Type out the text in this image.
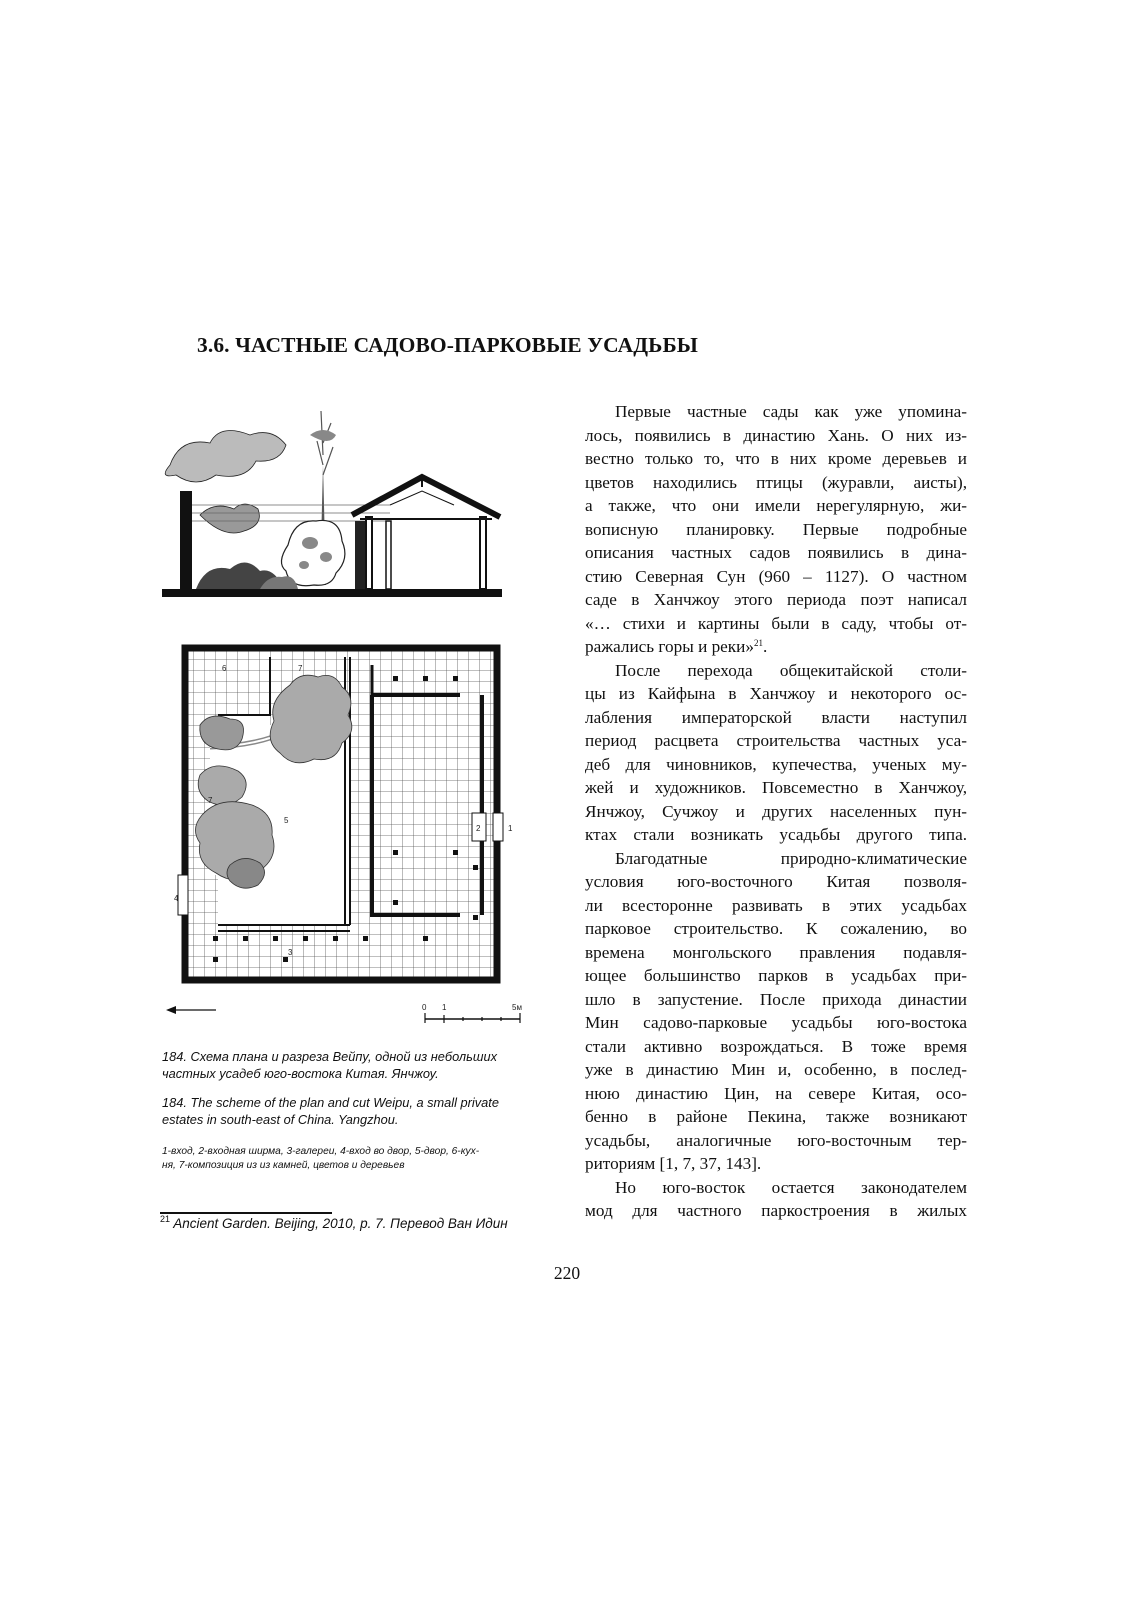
3.6. ЧАСТНЫЕ САДОВО-ПАРКОВЫЕ УСАДЬБЫ
6	7
5
7
4
3
2	1
0 1	5м
184. Схема плана и разреза Вейпу, одной из небольших
частных усадеб юго-востока Китая. Янчжоу.
184. The scheme of the plan and cut Weipu, a small private
estates in south-east of China. Yangzhou.
1-вход, 2-входная ширма, 3-галереи, 4-вход во двор, 5-двор, 6-кух-
ня, 7-композиция из из камней, цветов и деревьев

Первые частные сады как уже упомина-
лось, появились в династию Хань. О них из-
вестно только то, что в них кроме деревьев и
цветов находились птицы (журавли, аисты),
а также, что они имели нерегулярную, жи-
вописную планировку. Первые подробные
описания частных садов появились в дина-
стию Северная Сун (960 – 1127). О частном
саде в Ханчжоу этого периода поэт написал
«… стихи и картины были в саду, чтобы от-
ражались горы и реки»$^{21}$.

После перехода общекитайской столи-
цы из Кайфына в Ханчжоу и некоторого ос-
лабления императорской власти наступил
период расцвета строительства частных уса-
деб для чиновников, купечества, ученых му-
жей и художников. Повсеместно в Ханчжоу,
Янчжоу, Сучжоу и других населенных пун-
ктах стали возникать усадьбы другого типа.

Благодатные природно-климатические
условия юго-восточного Китая позволя-
ли всесторонне развивать в этих усадьбах
парковое строительство. К сожалению, во
времена монгольского правления подавля-
ющее большинство парков в усадьбах при-
шло в запустение. После прихода династии
Мин садово-парковые усадьбы юго-востока
стали активно возрождаться. В тоже время
уже в династию Мин и, особенно, в послед-
нюю династию Цин, на севере Китая, осо-
бенно в районе Пекина, также возникают
усадьбы, аналогичные юго-восточным тер-
риториям [1, 7, 37, 143].

Но юго-восток остается законодателем
мод для частного паркостроения в жилых

$^{21}$ Ancient Garden. Beijing, 2010, p. 7. Перевод Ван Идин
220
